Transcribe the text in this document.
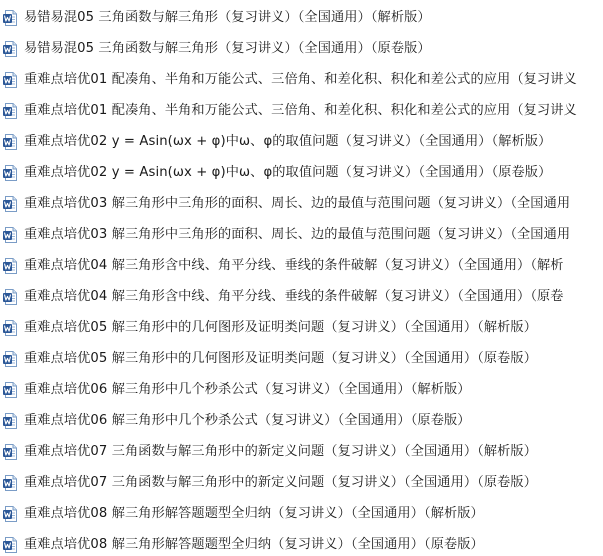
易错易混05 三角函数与解三角形（复习讲义）（全国通用）（解析版）
易错易混05 三角函数与解三角形（复习讲义）（全国通用）（原卷版）
重难点培优01 配凑角、半角和万能公式、三倍角、和差化积、积化和差公式的应用（复习讲义
重难点培优01 配凑角、半角和万能公式、三倍角、和差化积、积化和差公式的应用（复习讲义
重难点培优02 y = Asin(ωx + φ)中ω、φ的取值问题（复习讲义）（全国通用）（解析版）
重难点培优02 y = Asin(ωx + φ)中ω、φ的取值问题（复习讲义）（全国通用）（原卷版）
重难点培优03 解三角形中三角形的面积、周长、边的最值与范围问题（复习讲义）（全国通用
重难点培优03 解三角形中三角形的面积、周长、边的最值与范围问题（复习讲义）（全国通用
重难点培优04 解三角形含中线、角平分线、垂线的条件破解（复习讲义）（全国通用）（解析
重难点培优04 解三角形含中线、角平分线、垂线的条件破解（复习讲义）（全国通用）（原卷
重难点培优05 解三角形中的几何图形及证明类问题（复习讲义）（全国通用）（解析版）
重难点培优05 解三角形中的几何图形及证明类问题（复习讲义）（全国通用）（原卷版）
重难点培优06 解三角形中几个秒杀公式（复习讲义）（全国通用）（解析版）
重难点培优06 解三角形中几个秒杀公式（复习讲义）（全国通用）（原卷版）
重难点培优07 三角函数与解三角形中的新定义问题（复习讲义）（全国通用）（解析版）
重难点培优07 三角函数与解三角形中的新定义问题（复习讲义）（全国通用）（原卷版）
重难点培优08 解三角形解答题题型全归纳（复习讲义）（全国通用）（解析版）
重难点培优08 解三角形解答题题型全归纳（复习讲义）（全国通用）（原卷版）
